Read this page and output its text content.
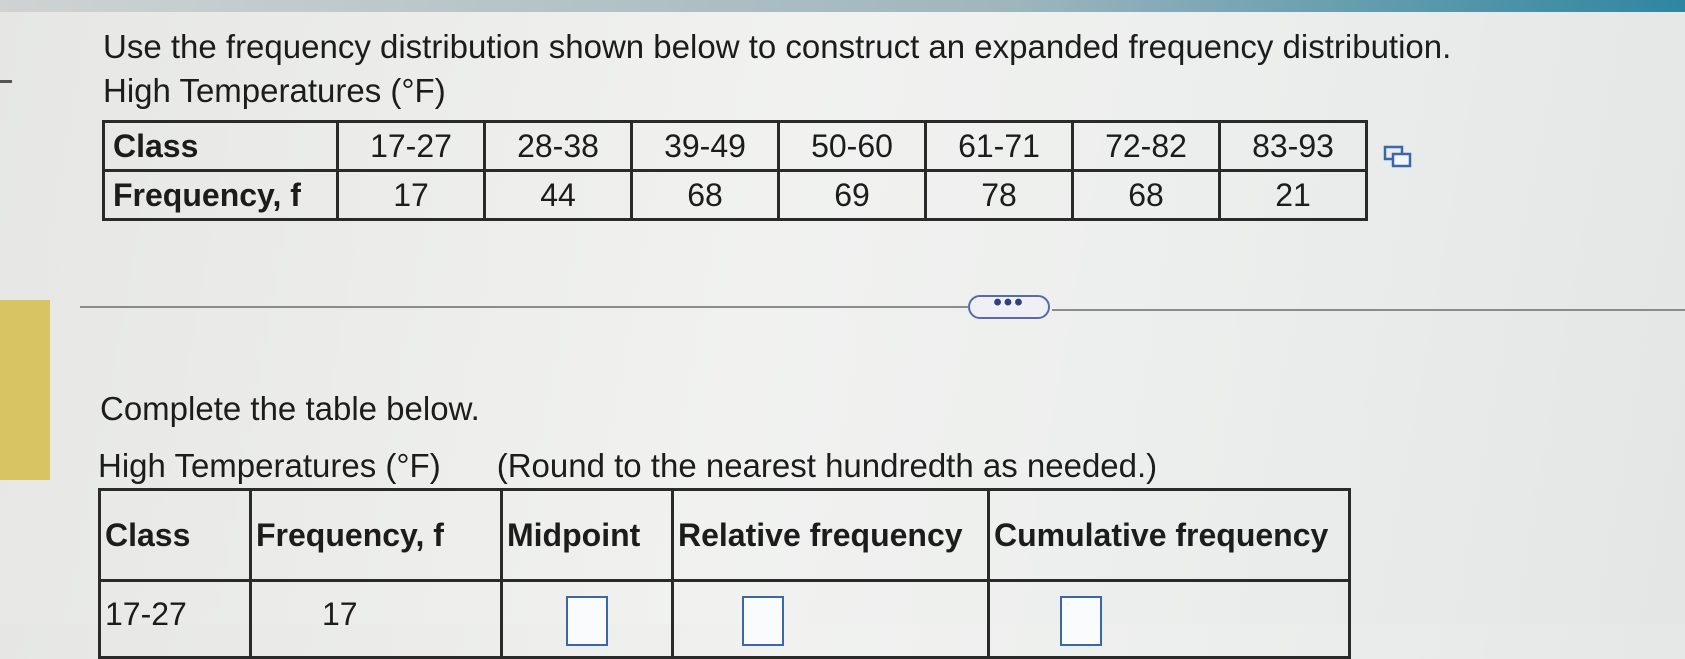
Use the frequency distribution shown below to construct an expanded frequency distribution.
High Temperatures (°F)
Class	17-27	28-38	39-49	50-60	61-71	72-82	83-93
Frequency, f	17	44	68	69	78	68	21
•••
Complete the table below.
High Temperatures (°F) (Round to the nearest hundredth as needed.)
Class	Frequency, f	Midpoint	Relative frequency	Cumulative frequency
17-27	17			
